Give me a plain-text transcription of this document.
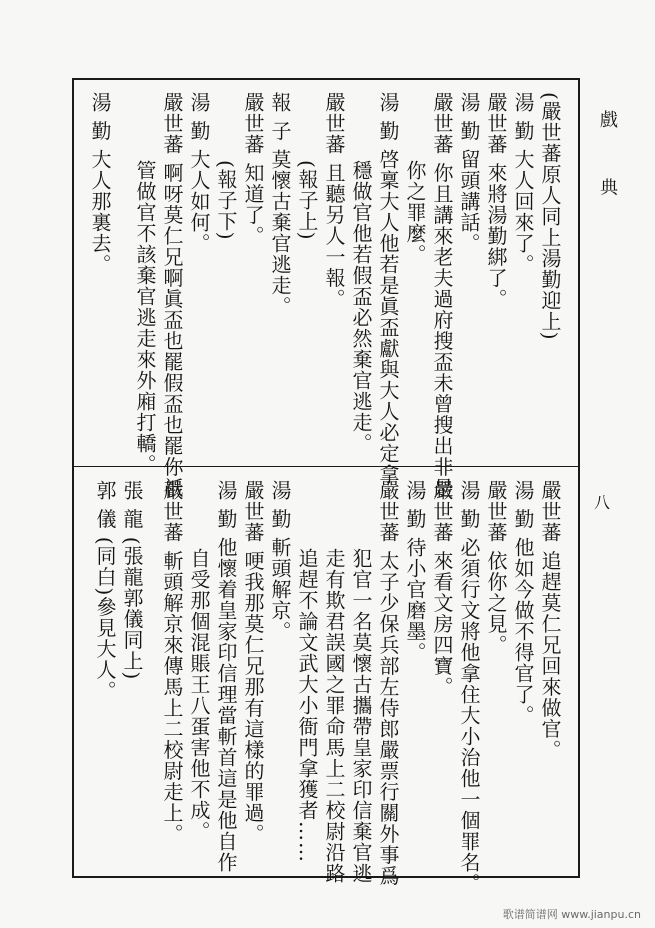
戲 典
八
(嚴世蕃原人同上湯勤迎上)
湯 勤 大人回來了。
嚴世蕃 來將湯勤綁了。
湯 勤 留頭講話。
嚴世蕃 你且講來老夫過府搜盃未曾搜出非是
你之罪麼。
湯 勤 啓稟大人他若是眞盃獻與大人必定拿
穩做官他若假盃必然棄官逃走。
嚴世蕃 且聽另人一報。
(報子上)
報 子 莫懷古棄官逃走。
嚴世蕃 知道了。
(報子下)
湯 勤 大人如何。
嚴世蕃 啊呀莫仁兄啊眞盃也罷假盃也罷你祇
管做官不該棄官逃走來外廂打轎。
湯 勤 大人那裏去。
嚴世蕃 追趕莫仁兄回來做官。
湯 勤 他如今做不得官了。
嚴世蕃 依你之見。
湯 勤 必須行文將他拿住大小治他一個罪名。
嚴世蕃 來看文房四寶。
湯 勤 待小官磨墨。
嚴世蕃 太子少保兵部左侍郎嚴票行關外事爲
犯官一名莫懷古攜帶皇家印信棄官逃
走有欺君誤國之罪命馬上二校尉沿路
追趕不論文武大小衙門拿獲者……
湯 勤 斬頭解京。
嚴世蕃 哽我那莫仁兄那有這樣的罪過。
湯 勤 他懷着皇家印信理當斬首這是他自作
自受那個混賬王八蛋害他不成。
嚴世蕃 斬頭解京來傳馬上二校尉走上。
張 龍 (張龍郭儀同上)
郭 儀 (同白)參見大人。
歌谱简谱网 www.jianpu.cn
